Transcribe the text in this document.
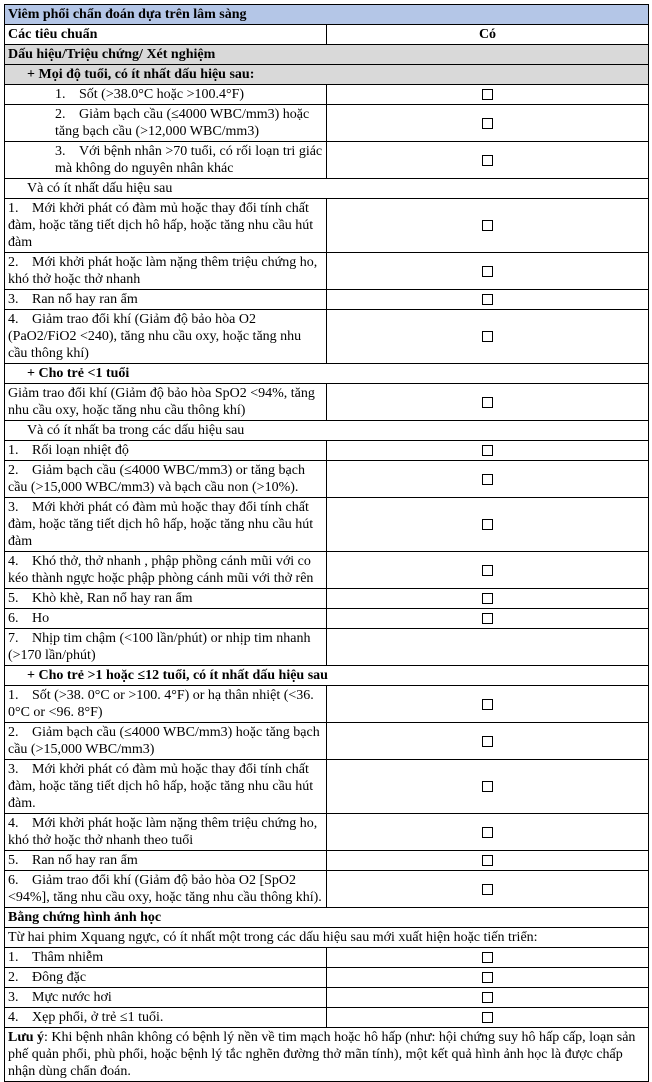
Viêm phổi chẩn đoán dựa trên lâm sàng	
Các tiêu chuẩn	Có
Dấu hiệu/Triệu chứng/ Xét nghiệm	
+ Mọi độ tuổi, có ít nhất dấu hiệu sau:	
1. Sốt (>38.0°C hoặc >100.4°F)	
2. Giảm bạch cầu (≤4000 WBC/mm3) hoặc tăng bạch cầu (>12,000 WBC/mm3)	
3. Với bệnh nhân >70 tuổi, có rối loạn tri giác mà không do nguyên nhân khác	
Và có ít nhất dấu hiệu sau	
1. Mới khởi phát có đàm mủ hoặc thay đổi tính chất đàm, hoặc tăng tiết dịch hô hấp, hoặc tăng nhu cầu hút đàm	
2. Mới khởi phát hoặc làm nặng thêm triệu chứng ho, khó thở hoặc thở nhanh	
3. Ran nổ hay ran ẩm	
4. Giảm trao đổi khí (Giảm độ bảo hòa O2 (PaO2/FiO2 <240), tăng nhu cầu oxy, hoặc tăng nhu cầu thông khí)	
+ Cho trẻ <1 tuổi	
Giảm trao đổi khí (Giảm độ bảo hòa SpO2 <94%, tăng nhu cầu oxy, hoặc tăng nhu cầu thông khí)	
Và có ít nhất ba trong các dấu hiệu sau	
1. Rối loạn nhiệt độ	
2. Giảm bạch cầu (≤4000 WBC/mm3) or tăng bạch cầu (>15,000 WBC/mm3) và bạch cầu non (>10%).	
3. Mới khởi phát có đàm mủ hoặc thay đổi tính chất đàm, hoặc tăng tiết dịch hô hấp, hoặc tăng nhu cầu hút đàm	
4. Khó thở, thở nhanh , phập phồng cánh mũi với co kéo thành ngực hoặc phập phòng cánh mũi với thở rên	
5. Khò khè, Ran nổ hay ran ẩm	
6. Ho	
7. Nhịp tim chậm (<100 lần/phút) or nhịp tim nhanh (>170 lần/phút)	
+ Cho trẻ >1 hoặc ≤12 tuổi, có ít nhất dấu hiệu sau	
1. Sốt (>38. 0°C or >100. 4°F) or hạ thân nhiệt (<36. 0°C or <96. 8°F)	
2. Giảm bạch cầu (≤4000 WBC/mm3) hoặc tăng bạch cầu (>15,000 WBC/mm3)	
3. Mới khởi phát có đàm mủ hoặc thay đổi tính chất đàm, hoặc tăng tiết dịch hô hấp, hoặc tăng nhu cầu hút đàm.	
4. Mới khởi phát hoặc làm nặng thêm triệu chứng ho, khó thở hoặc thở nhanh theo tuổi	
5. Ran nổ hay ran ẩm	
6. Giảm trao đổi khí (Giảm độ bảo hòa O2 [SpO2 <94%], tăng nhu cầu oxy, hoặc tăng nhu cầu thông khí).	
Bằng chứng hình ảnh học	
Từ hai phim Xquang ngực, có ít nhất một trong các dấu hiệu sau mới xuất hiện hoặc tiến triển:	
1. Thâm nhiễm	
2. Đông đặc	
3. Mực nước hơi	
4. Xẹp phổi, ở trẻ ≤1 tuổi.	
Lưu ý: Khi bệnh nhân không có bệnh lý nền về tim mạch hoặc hô hấp (như: hội chứng suy hô hấp cấp, loạn sản phế quản phổi, phù phổi, hoặc bệnh lý tắc nghẽn đường thở mãn tính), một kết quả hình ảnh học là được chấp nhận dùng chẩn đoán.	
